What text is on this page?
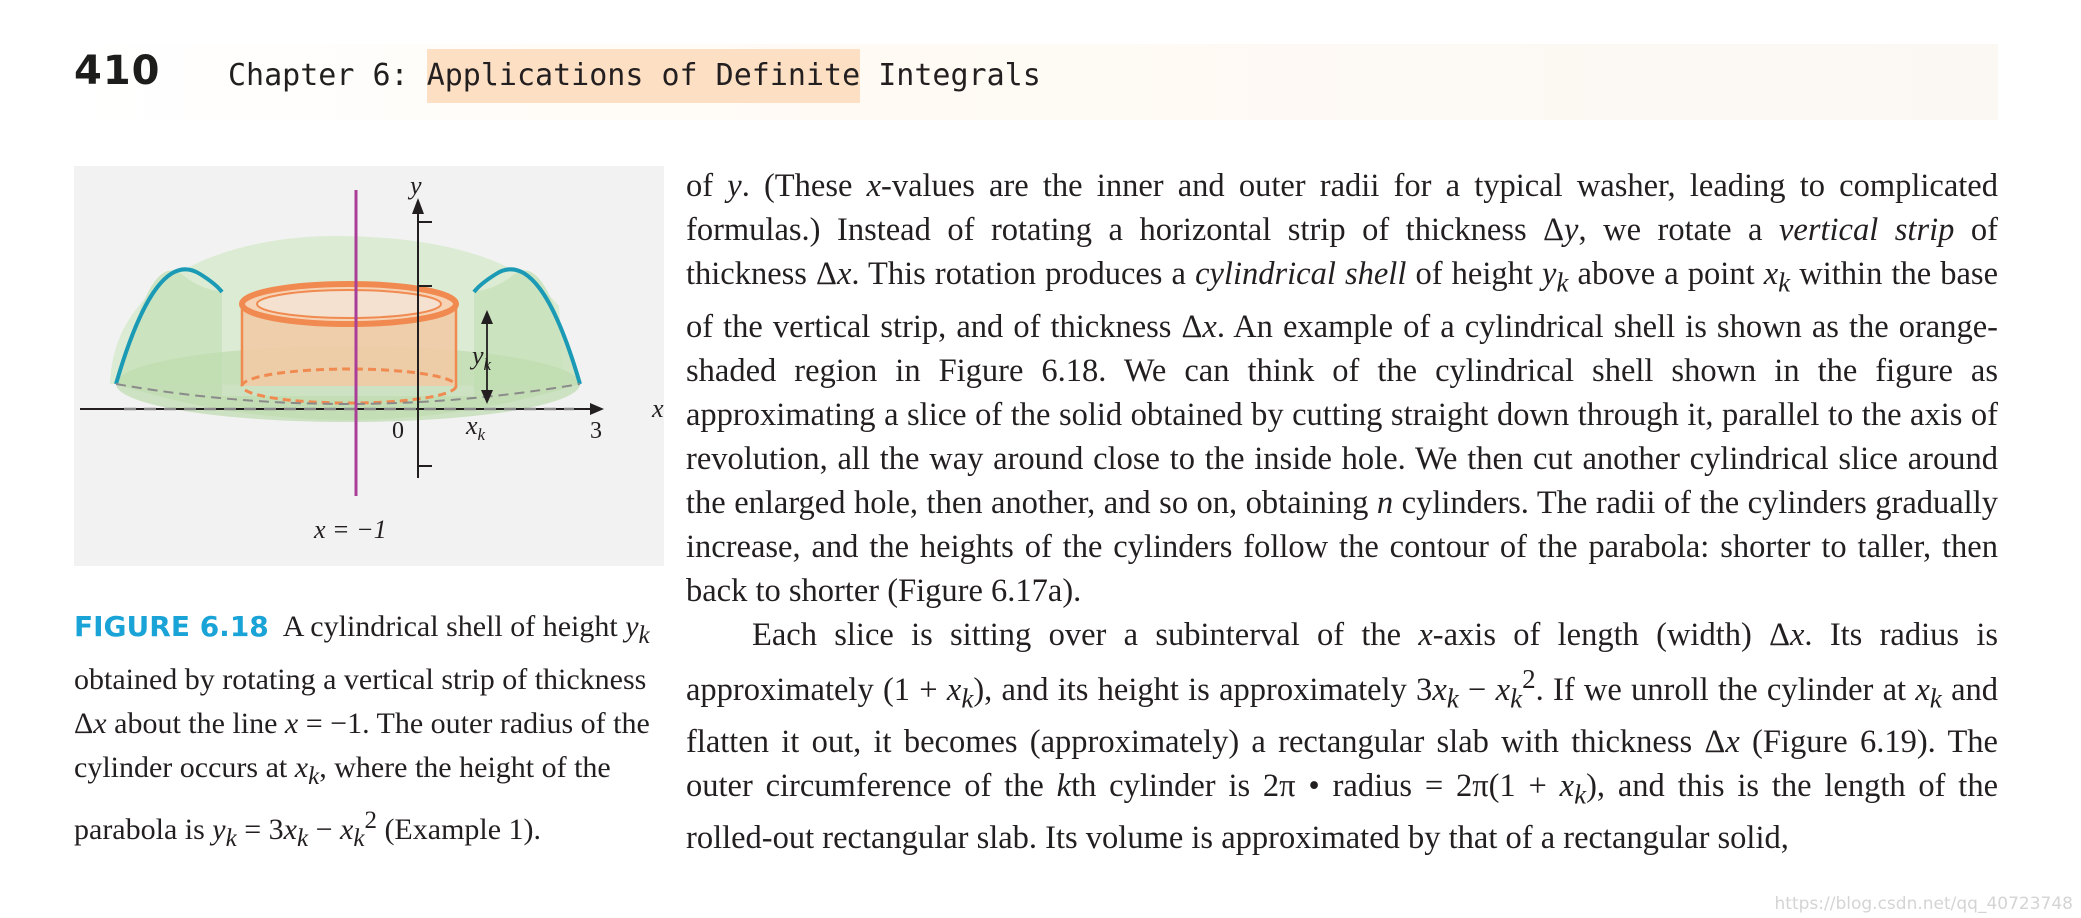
410 Chapter 6: Applications of Definite Integrals
y
x
$y_k$
$x_k$
0	3
x = −1
FIGURE 6.18 A cylindrical shell of height $y_k$ obtained by rotating a vertical strip of thickness Δx about the line x = −1. The outer radius of the cylinder occurs at $x_k$, where the height of the parabola is $y_k = 3x_k - x_k^2$ (Example 1).

of y. (These x-values are the inner and outer radii for a typical washer, leading to complicated formulas.) Instead of rotating a horizontal strip of thickness Δy, we rotate a vertical strip of thickness Δx. This rotation produces a cylindrical shell of height $y_k$ above a point $x_k$ within the base of the vertical strip, and of thickness Δx. An example of a cylindrical shell is shown as the orange-shaded region in Figure 6.18. We can think of the cylindrical shell shown in the figure as approximating a slice of the solid obtained by cutting straight down through it, parallel to the axis of revolution, all the way around close to the inside hole. We then cut another cylindrical slice around the enlarged hole, then another, and so on, obtaining n cylinders. The radii of the cylinders gradually increase, and the heights of the cylinders follow the contour of the parabola: shorter to taller, then back to shorter (Figure 6.17a).

Each slice is sitting over a subinterval of the x-axis of length (width) Δx. Its radius is approximately $(1 + x_k)$, and its height is approximately $3x_k - x_k^2$. If we unroll the cylinder at $x_k$ and flatten it out, it becomes (approximately) a rectangular slab with thickness Δx (Figure 6.19). The outer circumference of the kth cylinder is 2π • radius = $2\pi(1 + x_k)$, and this is the length of the rolled-out rectangular slab. Its volume is approximated by that of a rectangular solid,

https://blog.csdn.net/qq_40723748
